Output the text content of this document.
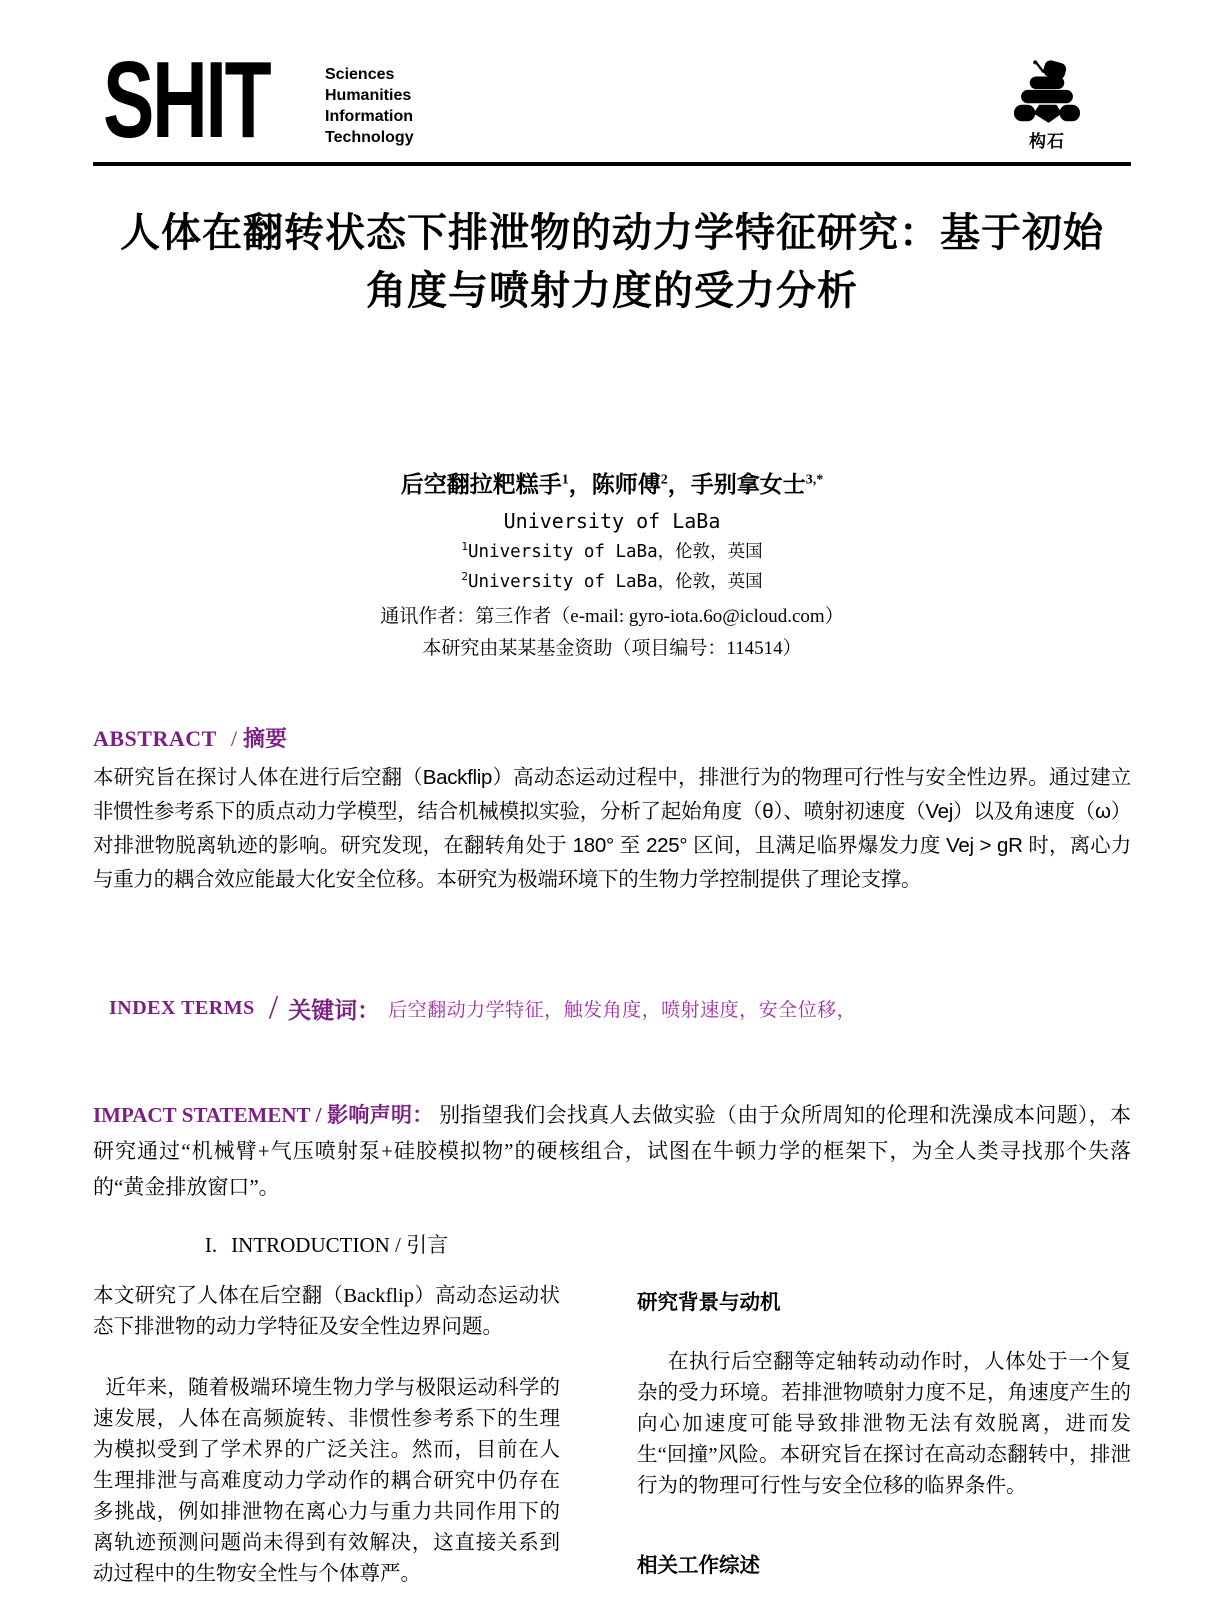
SHIT	Sciences
Humanities
Information
Technology	构石
人体在翻转状态下排泄物的动力学特征研究：基于初始角度与喷射力度的受力分析
后空翻拉粑糕手$^1$，陈师傅$^2$，手别拿女士$^{3,*}$
University of LaBa
$^1$University of LaBa，伦敦，英国
$^2$University of LaBa，伦敦，英国
通讯作者：第三作者（e-mail: gyro-iota.6o@icloud.com）
本研究由某某基金资助（项目编号：114514）
ABSTRACT / 摘要
本研究旨在探讨人体在进行后空翻（Backflip）高动态运动过程中，排泄行为的物理可行性与安全性边界。通过建立非惯性参考系下的质点动力学模型，结合机械模拟实验，分析了起始角度（θ）、喷射初速度（Vej）以及角速度（ω）对排泄物脱离轨迹的影响。研究发现，在翻转角处于 180° 至 225° 区间，且满足临界爆发力度 Vej > gR 时，离心力与重力的耦合效应能最大化安全位移。本研究为极端环境下的生物力学控制提供了理论支撑。
INDEX TERMS / 关键词： 后空翻动力学特征，触发角度，喷射速度，安全位移，
IMPACT STATEMENT / 影响声明： 别指望我们会找真人去做实验（由于众所周知的伦理和洗澡成本问题），本研究通过“机械臂+气压喷射泵+硅胶模拟物”的硬核组合，试图在牛顿力学的框架下，为全人类寻找那个失落的“黄金排放窗口”。
I. INTRODUCTION / 引言

本文研究了人体在后空翻（Backflip）高动态运动状态下排泄物的动力学特征及安全性边界问题。

近年来，随着极端环境生物力学与极限运动科学的速发展，人体在高频旋转、非惯性参考系下的生理为模拟受到了学术界的广泛关注。然而，目前在人生理排泄与高难度动力学动作的耦合研究中仍存在多挑战，例如排泄物在离心力与重力共同作用下的离轨迹预测问题尚未得到有效解决，这直接关系到动过程中的生物安全性与个体尊严。

研究背景与动机

在执行后空翻等定轴转动动作时，人体处于一个复杂的受力环境。若排泄物喷射力度不足，角速度产生的向心加速度可能导致排泄物无法有效脱离，进而发生“回撞”风险。本研究旨在探讨在高动态翻转中，排泄行为的物理可行性与安全位移的临界条件。

相关工作综述
